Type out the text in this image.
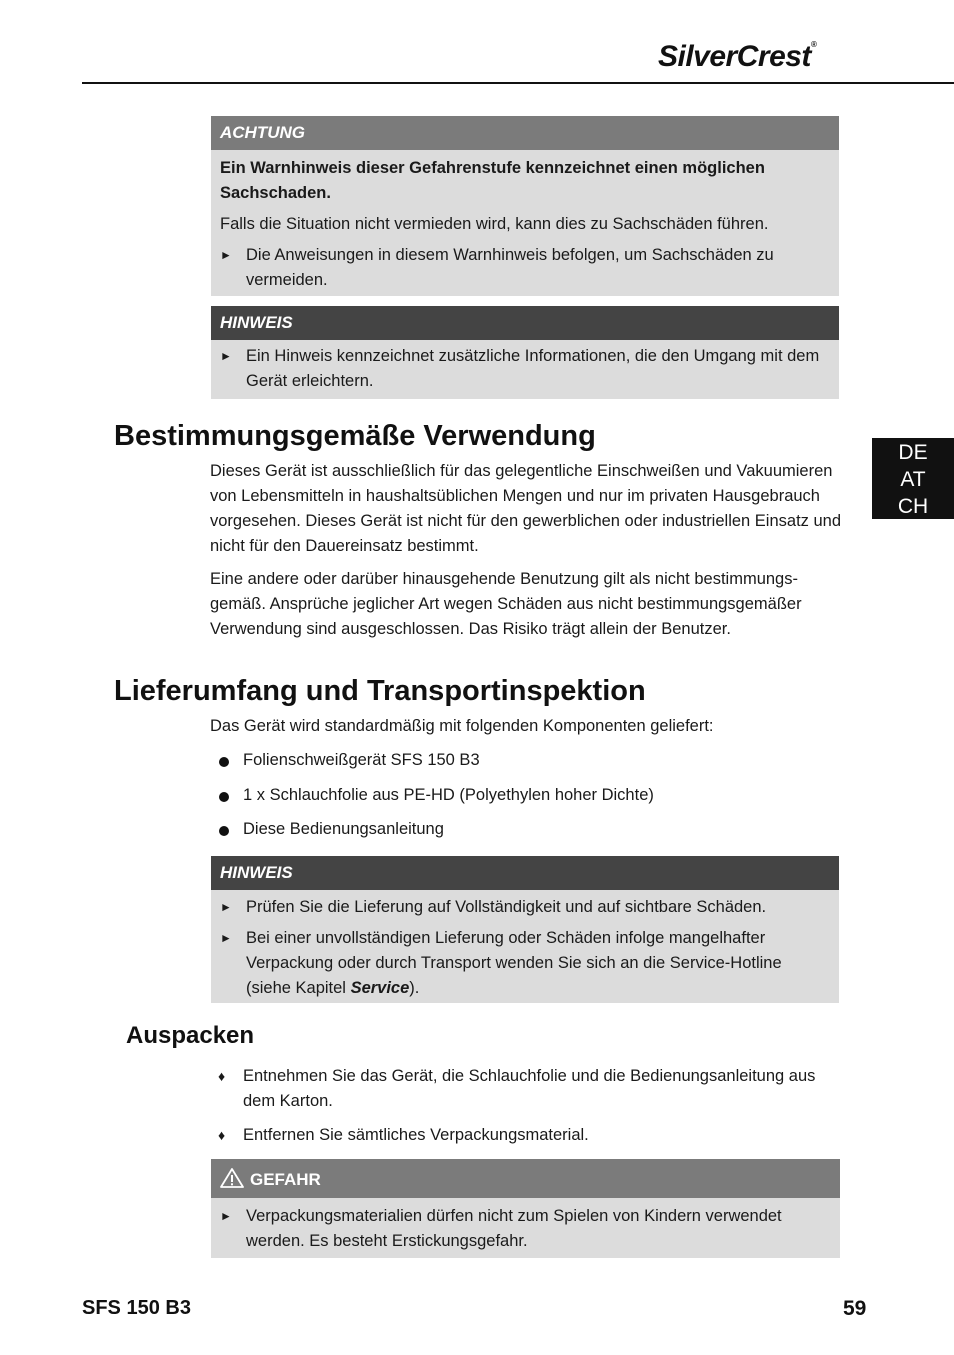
SilverCrest®
DE
AT
CH
ACHTUNG

Ein Warnhinweis dieser Gefahrenstufe kennzeichnet einen möglichen Sachschaden.

Falls die Situation nicht vermieden wird, kann dies zu Sachschäden führen.

► Die Anweisungen in diesem Warnhinweis befolgen, um Sachschäden zu vermeiden.
HINWEIS
► Ein Hinweis kennzeichnet zusätzliche Informationen, die den Umgang mit dem Gerät erleichtern.
Bestimmungsgemäße Verwendung

Dieses Gerät ist ausschließlich für das gelegentliche Einschweißen und Vakuumieren von Lebensmitteln in haushaltsüblichen Mengen und nur im privaten Hausgebrauch vorgesehen. Dieses Gerät ist nicht für den gewerblichen oder industriellen Einsatz und nicht für den Dauereinsatz bestimmt.

Eine andere oder darüber hinausgehende Benutzung gilt als nicht bestimmungs-gemäß. Ansprüche jeglicher Art wegen Schäden aus nicht bestimmungsgemäßer Verwendung sind ausgeschlossen. Das Risiko trägt allein der Benutzer.

Lieferumfang und Transportinspektion

Das Gerät wird standardmäßig mit folgenden Komponenten geliefert:

Folienschweißgerät SFS 150 B3
1 x Schlauchfolie aus PE-HD (Polyethylen hoher Dichte)
Diese Bedienungsanleitung
HINWEIS
► Prüfen Sie die Lieferung auf Vollständigkeit und auf sichtbare Schäden.
► Bei einer unvollständigen Lieferung oder Schäden infolge mangelhafter Verpackung oder durch Transport wenden Sie sich an die Service-Hotline (siehe Kapitel Service).
Auspacken
♦ Entnehmen Sie das Gerät, die Schlauchfolie und die Bedienungsanleitung aus dem Karton.
♦ Entfernen Sie sämtliches Verpackungsmaterial.
GEFAHR
► Verpackungsmaterialien dürfen nicht zum Spielen von Kindern verwendet werden. Es besteht Erstickungsgefahr.
SFS 150 B3	59
